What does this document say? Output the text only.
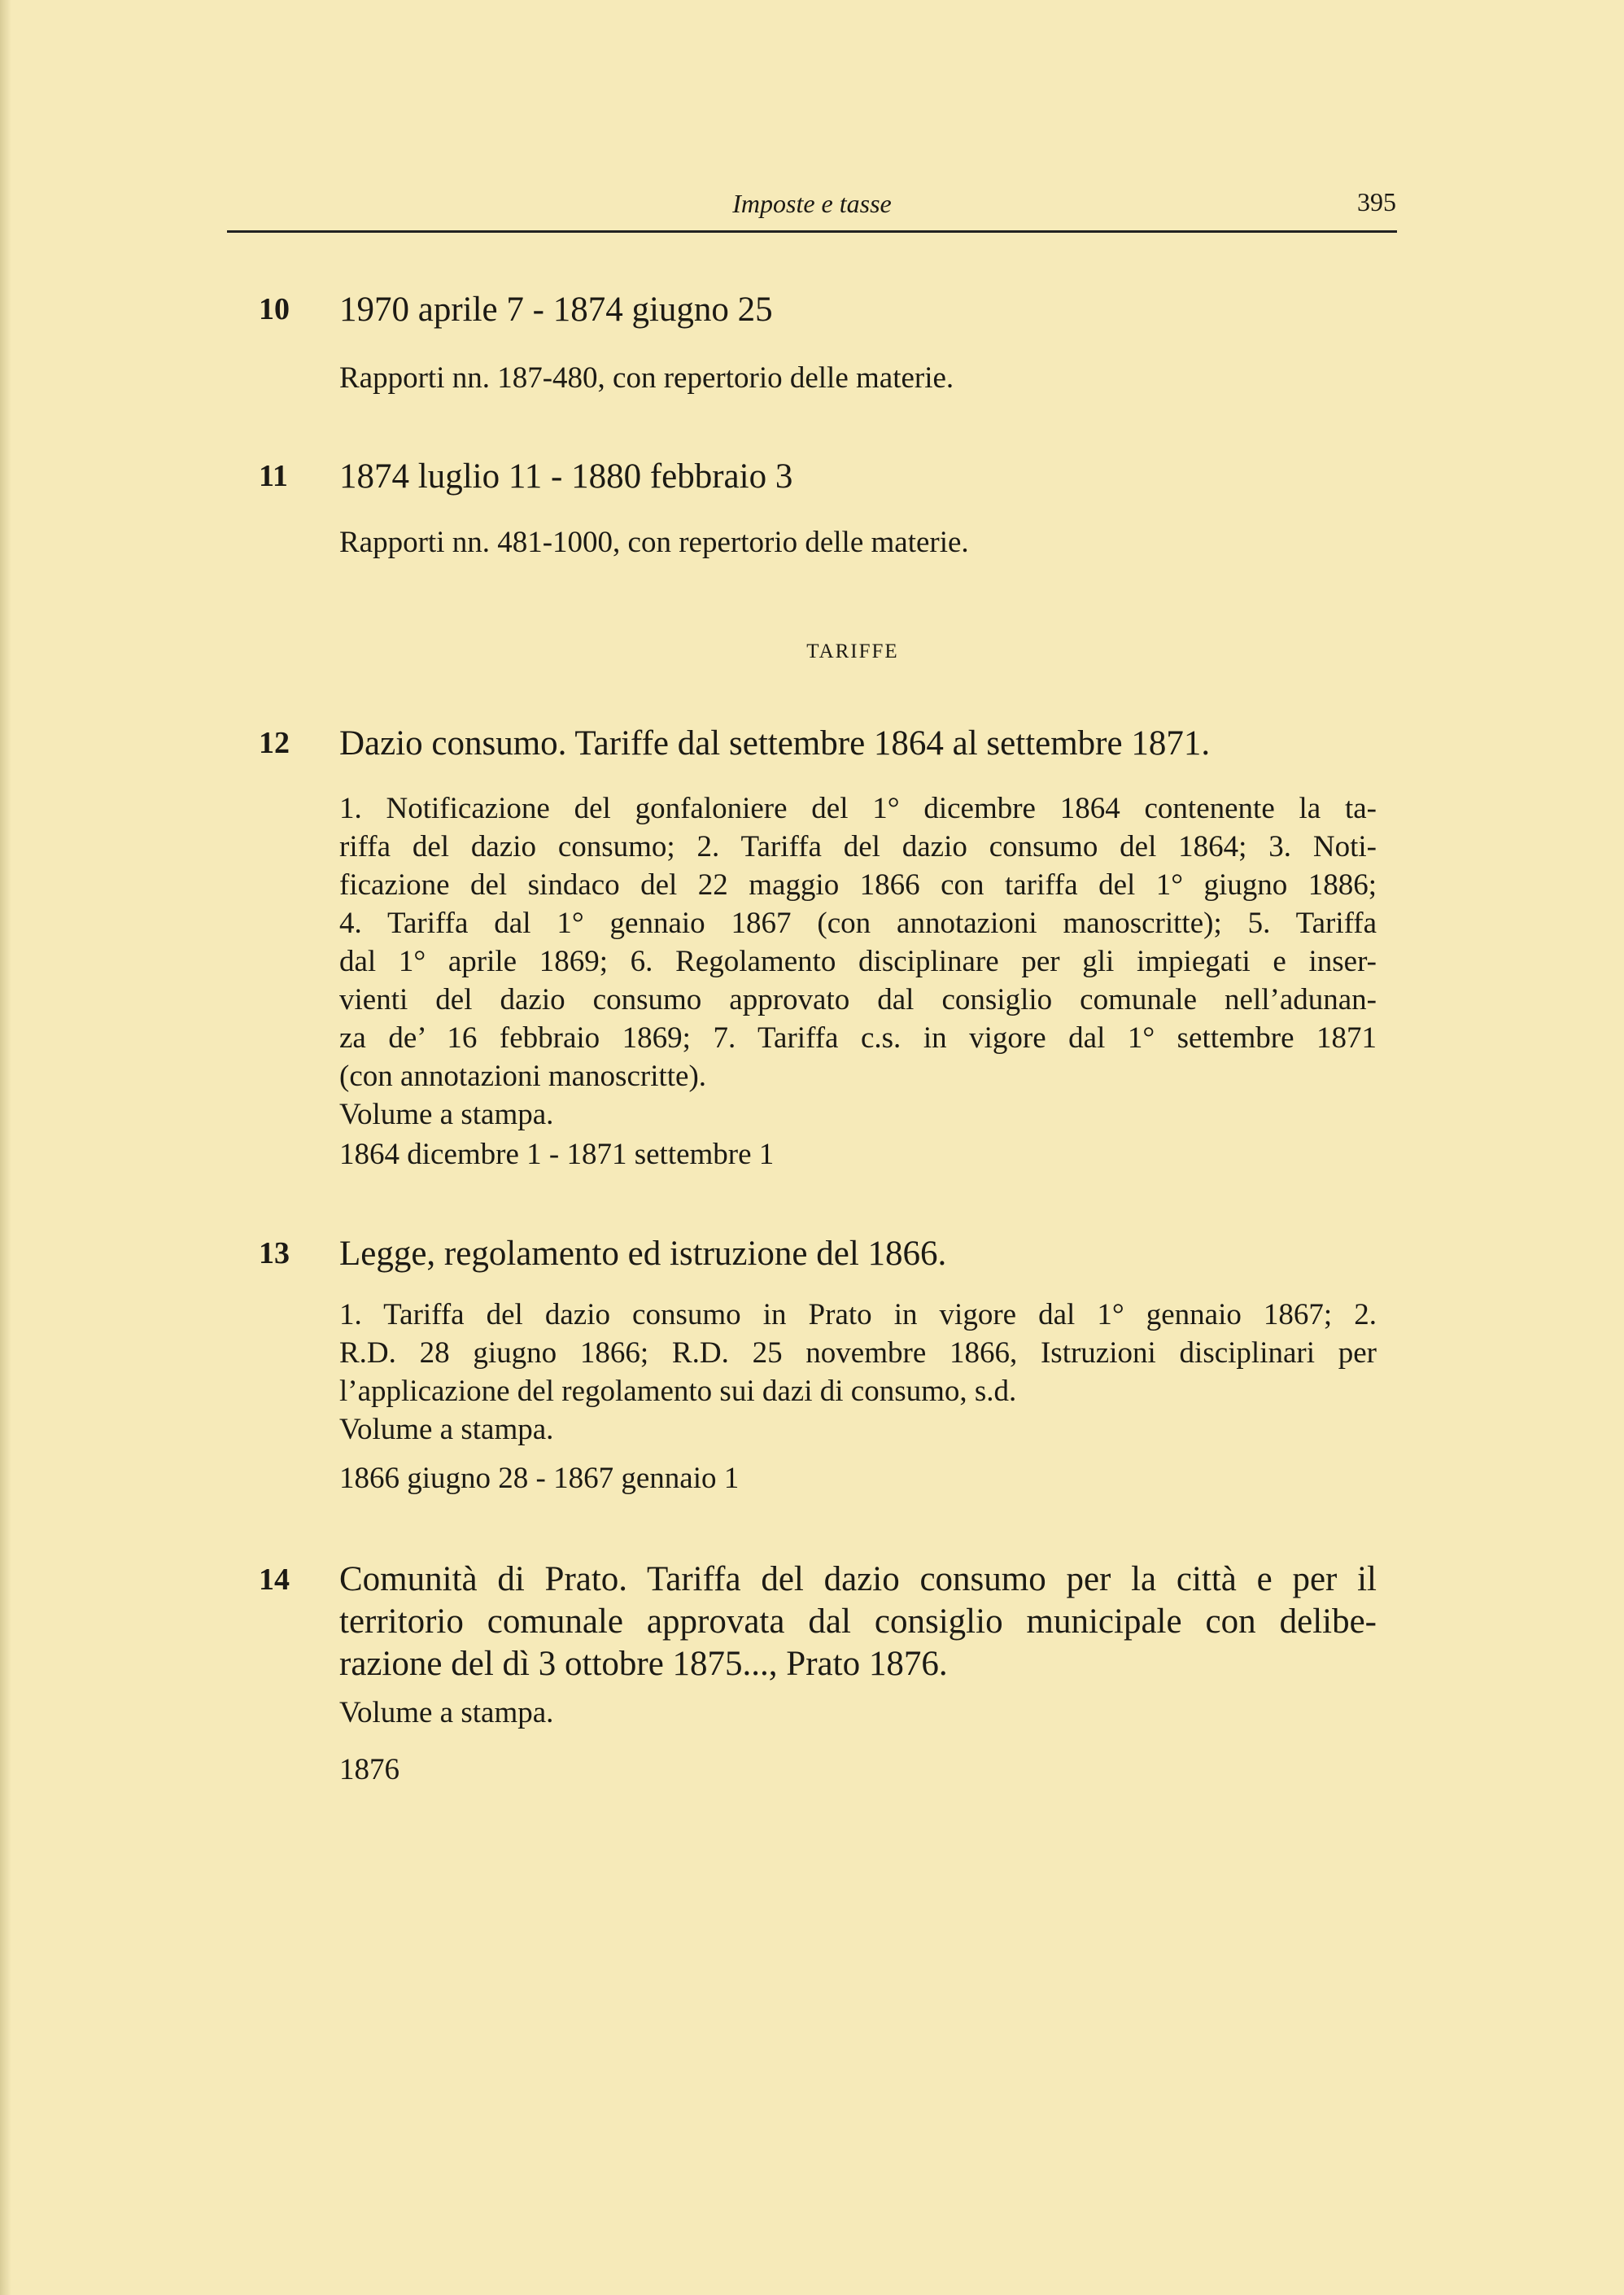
Imposte e tasse	395
10 1970 aprile 7 - 1874 giugno 25
Rapporti nn. 187-480, con repertorio delle materie.
11 1874 luglio 11 - 1880 febbraio 3
Rapporti nn. 481-1000, con repertorio delle materie.
TARIFFE
12 Dazio consumo. Tariffe dal settembre 1864 al settembre 1871.
1. Notificazione del gonfaloniere del 1° dicembre 1864 contenente la ta-
riffa del dazio consumo; 2. Tariffa del dazio consumo del 1864; 3. Noti-
ficazione del sindaco del 22 maggio 1866 con tariffa del 1° giugno 1886;
4. Tariffa dal 1° gennaio 1867 (con annotazioni manoscritte); 5. Tariffa
dal 1° aprile 1869; 6. Regolamento disciplinare per gli impiegati e inser-
vienti del dazio consumo approvato dal consiglio comunale nell’adunan-
za de’ 16 febbraio 1869; 7. Tariffa c.s. in vigore dal 1° settembre 1871
(con annotazioni manoscritte).
Volume a stampa.
1864 dicembre 1 - 1871 settembre 1
13 Legge, regolamento ed istruzione del 1866.
1. Tariffa del dazio consumo in Prato in vigore dal 1° gennaio 1867; 2.
R.D. 28 giugno 1866; R.D. 25 novembre 1866, Istruzioni disciplinari per
l’applicazione del regolamento sui dazi di consumo, s.d.
Volume a stampa.
1866 giugno 28 - 1867 gennaio 1
14 Comunità di Prato. Tariffa del dazio consumo per la città e per il
territorio comunale approvata dal consiglio municipale con delibe-
razione del dì 3 ottobre 1875..., Prato 1876.
Volume a stampa.
1876
